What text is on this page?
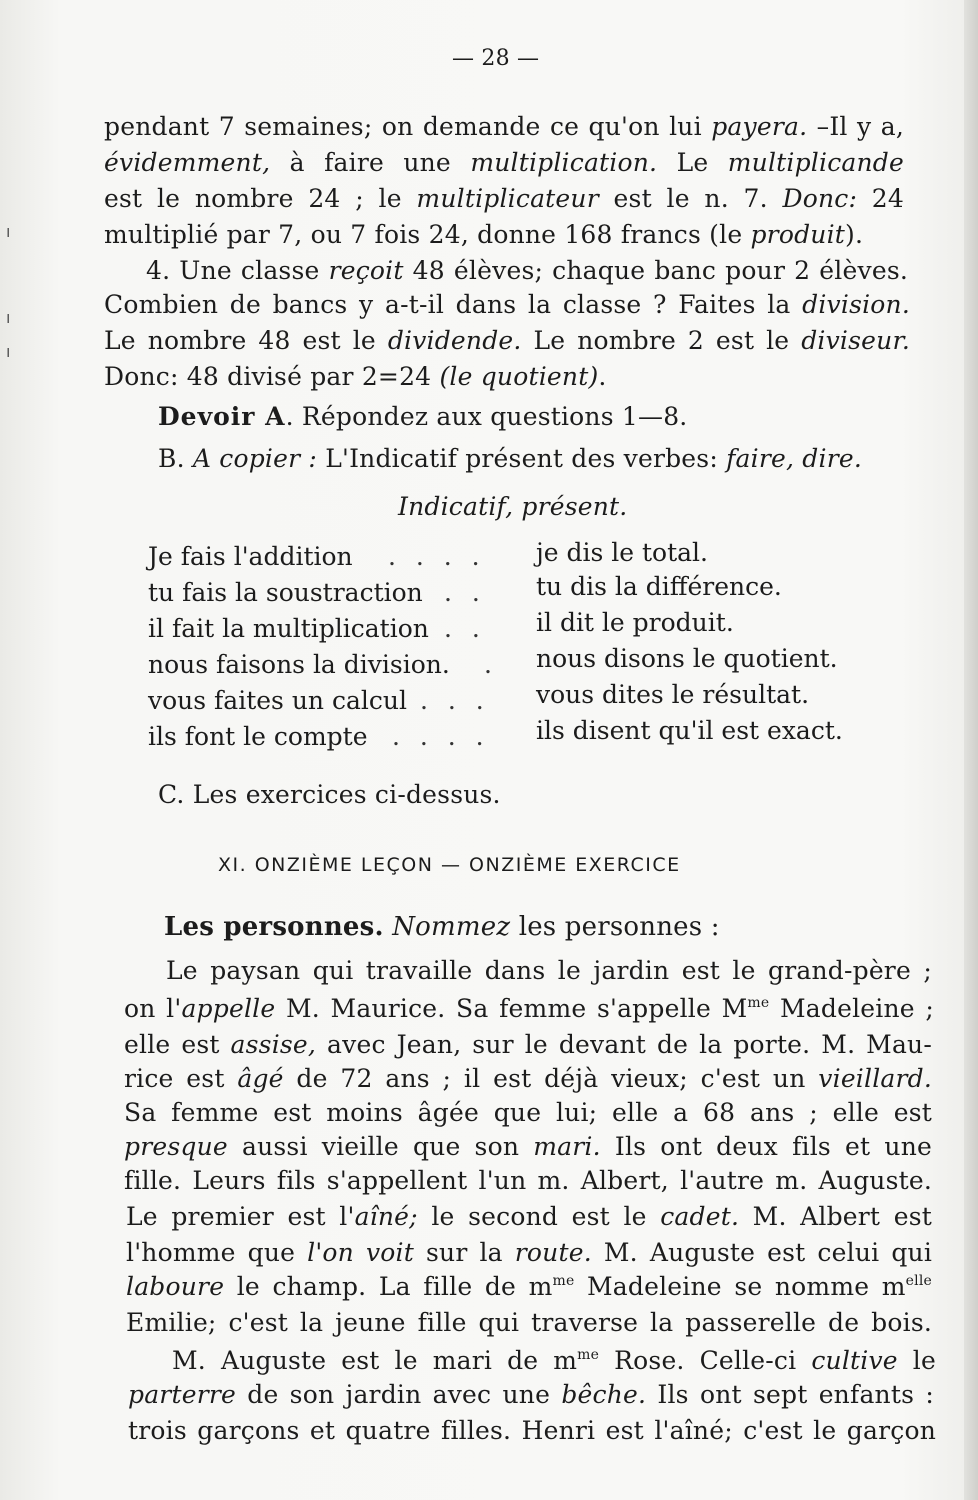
— 28 —
pendant 7 semaines; on demande ce qu'on lui payera. –Il y a,
évidemment, à faire une multiplication. Le multiplicande
est le nombre 24 ; le multiplicateur est le n. 7. Donc: 24
multiplié par 7, ou 7 fois 24, donne 168 francs (le produit).
4. Une classe reçoit 48 élèves; chaque banc pour 2 élèves.
Combien de bancs y a-t-il dans la classe ? Faites la division.
Le nombre 48 est le dividende. Le nombre 2 est le diviseur.
Donc: 48 divisé par 2=24 (le quotient).
Devoir A. Répondez aux questions 1—8.
B. A copier : L'Indicatif présent des verbes: faire, dire.
Indicatif, présent.
Je fais l'addition
tu fais la soustraction
il fait la multiplication
nous faisons la division.
vous faites un calcul
ils font le compte
. . . .
. .
. .
.
. . .
. . . .
je dis le total.
tu dis la différence.
il dit le produit.
nous disons le quotient.
vous dites le résultat.
ils disent qu'il est exact.
C. Les exercices ci-dessus.
XI. ONZIÈME LEÇON — ONZIÈME EXERCICE
Les personnes. Nommez les personnes :
Le paysan qui travaille dans le jardin est le grand-père ;
on l'appelle M. Maurice. Sa femme s'appelle $M^{me}$ Madeleine ;
elle est assise, avec Jean, sur le devant de la porte. M. Mau-
rice est âgé de 72 ans ; il est déjà vieux; c'est un vieillard.
Sa femme est moins âgée que lui; elle a 68 ans ; elle est
presque aussi vieille que son mari. Ils ont deux fils et une
fille. Leurs fils s'appellent l'un m. Albert, l'autre m. Auguste.
Le premier est l'aîné; le second est le cadet. M. Albert est
l'homme que l'on voit sur la route. M. Auguste est celui qui
laboure le champ. La fille de $m^{me}$ Madeleine se nomme $m^{elle}$
Emilie; c'est la jeune fille qui traverse la passerelle de bois.
M. Auguste est le mari de $m^{me}$ Rose. Celle-ci cultive le
parterre de son jardin avec une bêche. Ils ont sept enfants :
trois garçons et quatre filles. Henri est l'aîné; c'est le garçon
ı
ı
ı
